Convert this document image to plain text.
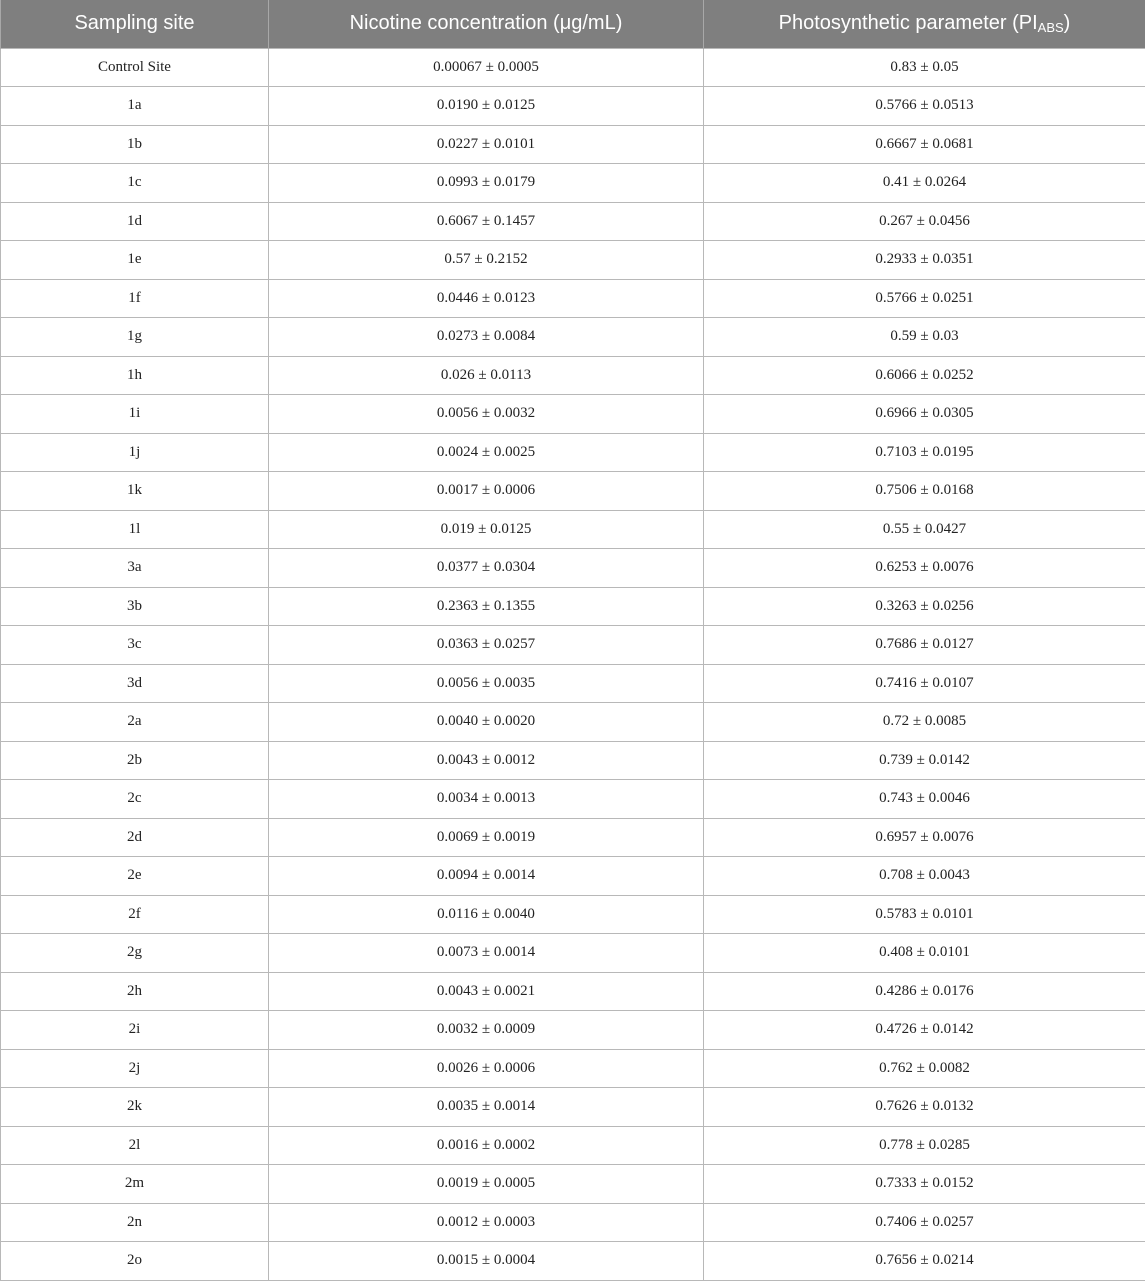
Sampling site	Nicotine concentration (μg/mL)	Photosynthetic parameter $(PI_{ABS})$
Control Site	0.00067 ± 0.0005	0.83 ± 0.05
1a	0.0190 ± 0.0125	0.5766 ± 0.0513
1b	0.0227 ± 0.0101	0.6667 ± 0.0681
1c	0.0993 ± 0.0179	0.41 ± 0.0264
1d	0.6067 ± 0.1457	0.267 ± 0.0456
1e	0.57 ± 0.2152	0.2933 ± 0.0351
1f	0.0446 ± 0.0123	0.5766 ± 0.0251
1g	0.0273 ± 0.0084	0.59 ± 0.03
1h	0.026 ± 0.0113	0.6066 ± 0.0252
1i	0.0056 ± 0.0032	0.6966 ± 0.0305
1j	0.0024 ± 0.0025	0.7103 ± 0.0195
1k	0.0017 ± 0.0006	0.7506 ± 0.0168
1l	0.019 ± 0.0125	0.55 ± 0.0427
3a	0.0377 ± 0.0304	0.6253 ± 0.0076
3b	0.2363 ± 0.1355	0.3263 ± 0.0256
3c	0.0363 ± 0.0257	0.7686 ± 0.0127
3d	0.0056 ± 0.0035	0.7416 ± 0.0107
2a	0.0040 ± 0.0020	0.72 ± 0.0085
2b	0.0043 ± 0.0012	0.739 ± 0.0142
2c	0.0034 ± 0.0013	0.743 ± 0.0046
2d	0.0069 ± 0.0019	0.6957 ± 0.0076
2e	0.0094 ± 0.0014	0.708 ± 0.0043
2f	0.0116 ± 0.0040	0.5783 ± 0.0101
2g	0.0073 ± 0.0014	0.408 ± 0.0101
2h	0.0043 ± 0.0021	0.4286 ± 0.0176
2i	0.0032 ± 0.0009	0.4726 ± 0.0142
2j	0.0026 ± 0.0006	0.762 ± 0.0082
2k	0.0035 ± 0.0014	0.7626 ± 0.0132
2l	0.0016 ± 0.0002	0.778 ± 0.0285
2m	0.0019 ± 0.0005	0.7333 ± 0.0152
2n	0.0012 ± 0.0003	0.7406 ± 0.0257
2o	0.0015 ± 0.0004	0.7656 ± 0.0214
